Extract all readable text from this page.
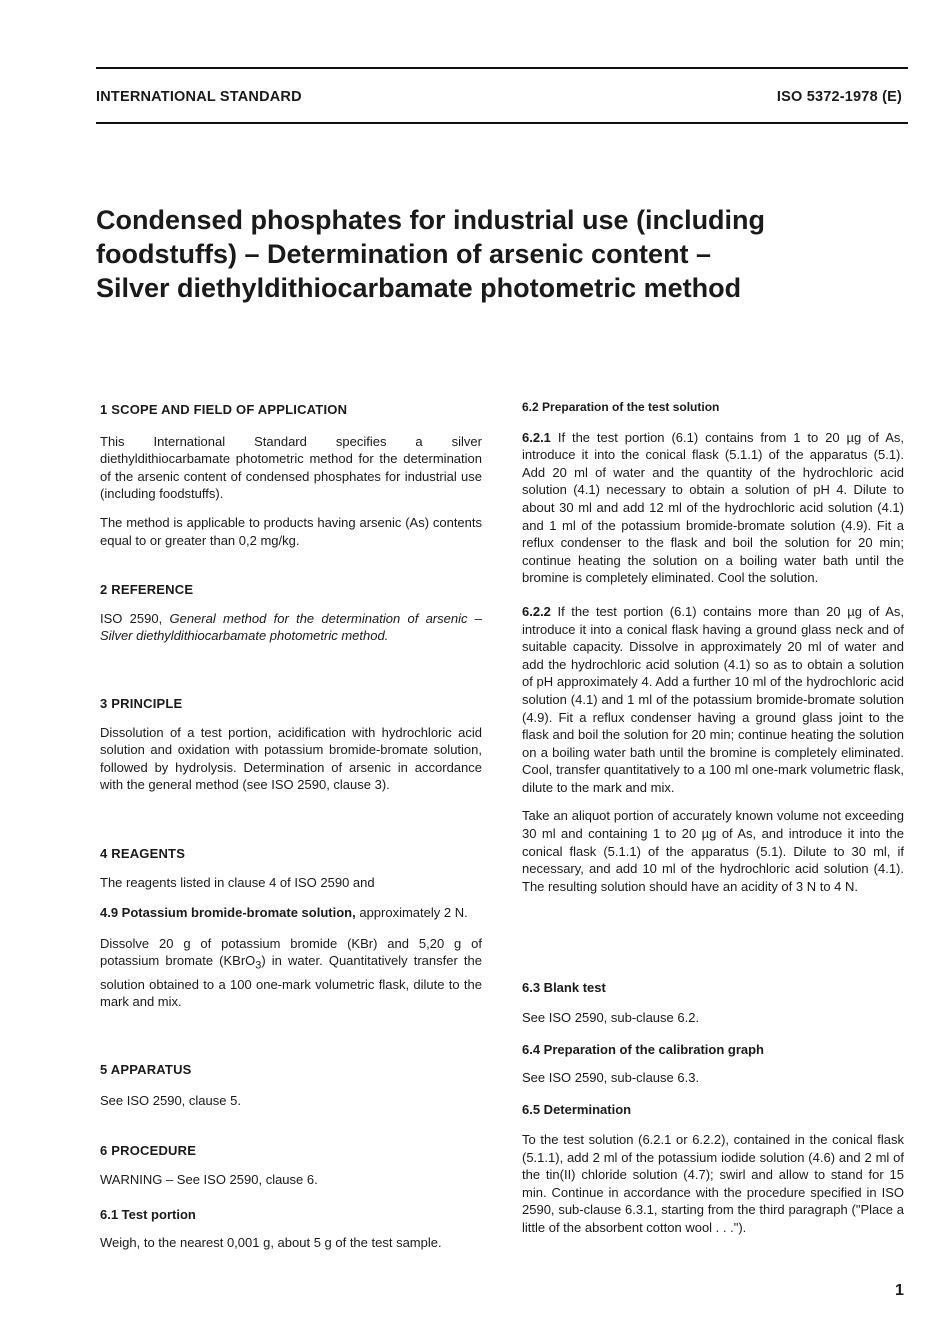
INTERNATIONAL STANDARD	ISO 5372-1978 (E)
Condensed phosphates for industrial use (including
foodstuffs) – Determination of arsenic content –
Silver diethyldithiocarbamate photometric method

1 SCOPE AND FIELD OF APPLICATION

This International Standard specifies a silver diethyldithiocarbamate photometric method for the determination of the arsenic content of condensed phosphates for industrial use (including foodstuffs).

The method is applicable to products having arsenic (As) contents equal to or greater than 0,2 mg/kg.

2 REFERENCE

ISO 2590, General method for the determination of arsenic – Silver diethyldithiocarbamate photometric method.

3 PRINCIPLE

Dissolution of a test portion, acidification with hydrochloric acid solution and oxidation with potassium bromide-bromate solution, followed by hydrolysis. Determination of arsenic in accordance with the general method (see ISO 2590, clause 3).

4 REAGENTS

The reagents listed in clause 4 of ISO 2590 and

4.9 Potassium bromide-bromate solution, approximately 2 N.

Dissolve 20 g of potassium bromide (KBr) and 5,20 g of potassium bromate (KBrO$_3$) in water. Quantitatively transfer the solution obtained to a 100 one-mark volumetric flask, dilute to the mark and mix.

5 APPARATUS

See ISO 2590, clause 5.

6 PROCEDURE

WARNING – See ISO 2590, clause 6.

6.1 Test portion

Weigh, to the nearest 0,001 g, about 5 g of the test sample.

6.2 Preparation of the test solution

6.2.1 If the test portion (6.1) contains from 1 to 20 µg of As, introduce it into the conical flask (5.1.1) of the apparatus (5.1). Add 20 ml of water and the quantity of the hydrochloric acid solution (4.1) necessary to obtain a solution of pH 4. Dilute to about 30 ml and add 12 ml of the hydrochloric acid solution (4.1) and 1 ml of the potassium bromide-bromate solution (4.9). Fit a reflux condenser to the flask and boil the solution for 20 min; continue heating the solution on a boiling water bath until the bromine is completely eliminated. Cool the solution.

6.2.2 If the test portion (6.1) contains more than 20 µg of As, introduce it into a conical flask having a ground glass neck and of suitable capacity. Dissolve in approximately 20 ml of water and add the hydrochloric acid solution (4.1) so as to obtain a solution of pH approximately 4. Add a further 10 ml of the hydrochloric acid solution (4.1) and 1 ml of the potassium bromide-bromate solution (4.9). Fit a reflux condenser having a ground glass joint to the flask and boil the solution for 20 min; continue heating the solution on a boiling water bath until the bromine is completely eliminated. Cool, transfer quantitatively to a 100 ml one-mark volumetric flask, dilute to the mark and mix.

Take an aliquot portion of accurately known volume not exceeding 30 ml and containing 1 to 20 µg of As, and introduce it into the conical flask (5.1.1) of the apparatus (5.1). Dilute to 30 ml, if necessary, and add 10 ml of the hydrochloric acid solution (4.1). The resulting solution should have an acidity of 3 N to 4 N.

6.3 Blank test

See ISO 2590, sub-clause 6.2.

6.4 Preparation of the calibration graph

See ISO 2590, sub-clause 6.3.

6.5 Determination

To the test solution (6.2.1 or 6.2.2), contained in the conical flask (5.1.1), add 2 ml of the potassium iodide solution (4.6) and 2 ml of the tin(II) chloride solution (4.7); swirl and allow to stand for 15 min. Continue in accordance with the procedure specified in ISO 2590, sub-clause 6.3.1, starting from the third paragraph ("Place a little of the absorbent cotton wool . . .").

1
